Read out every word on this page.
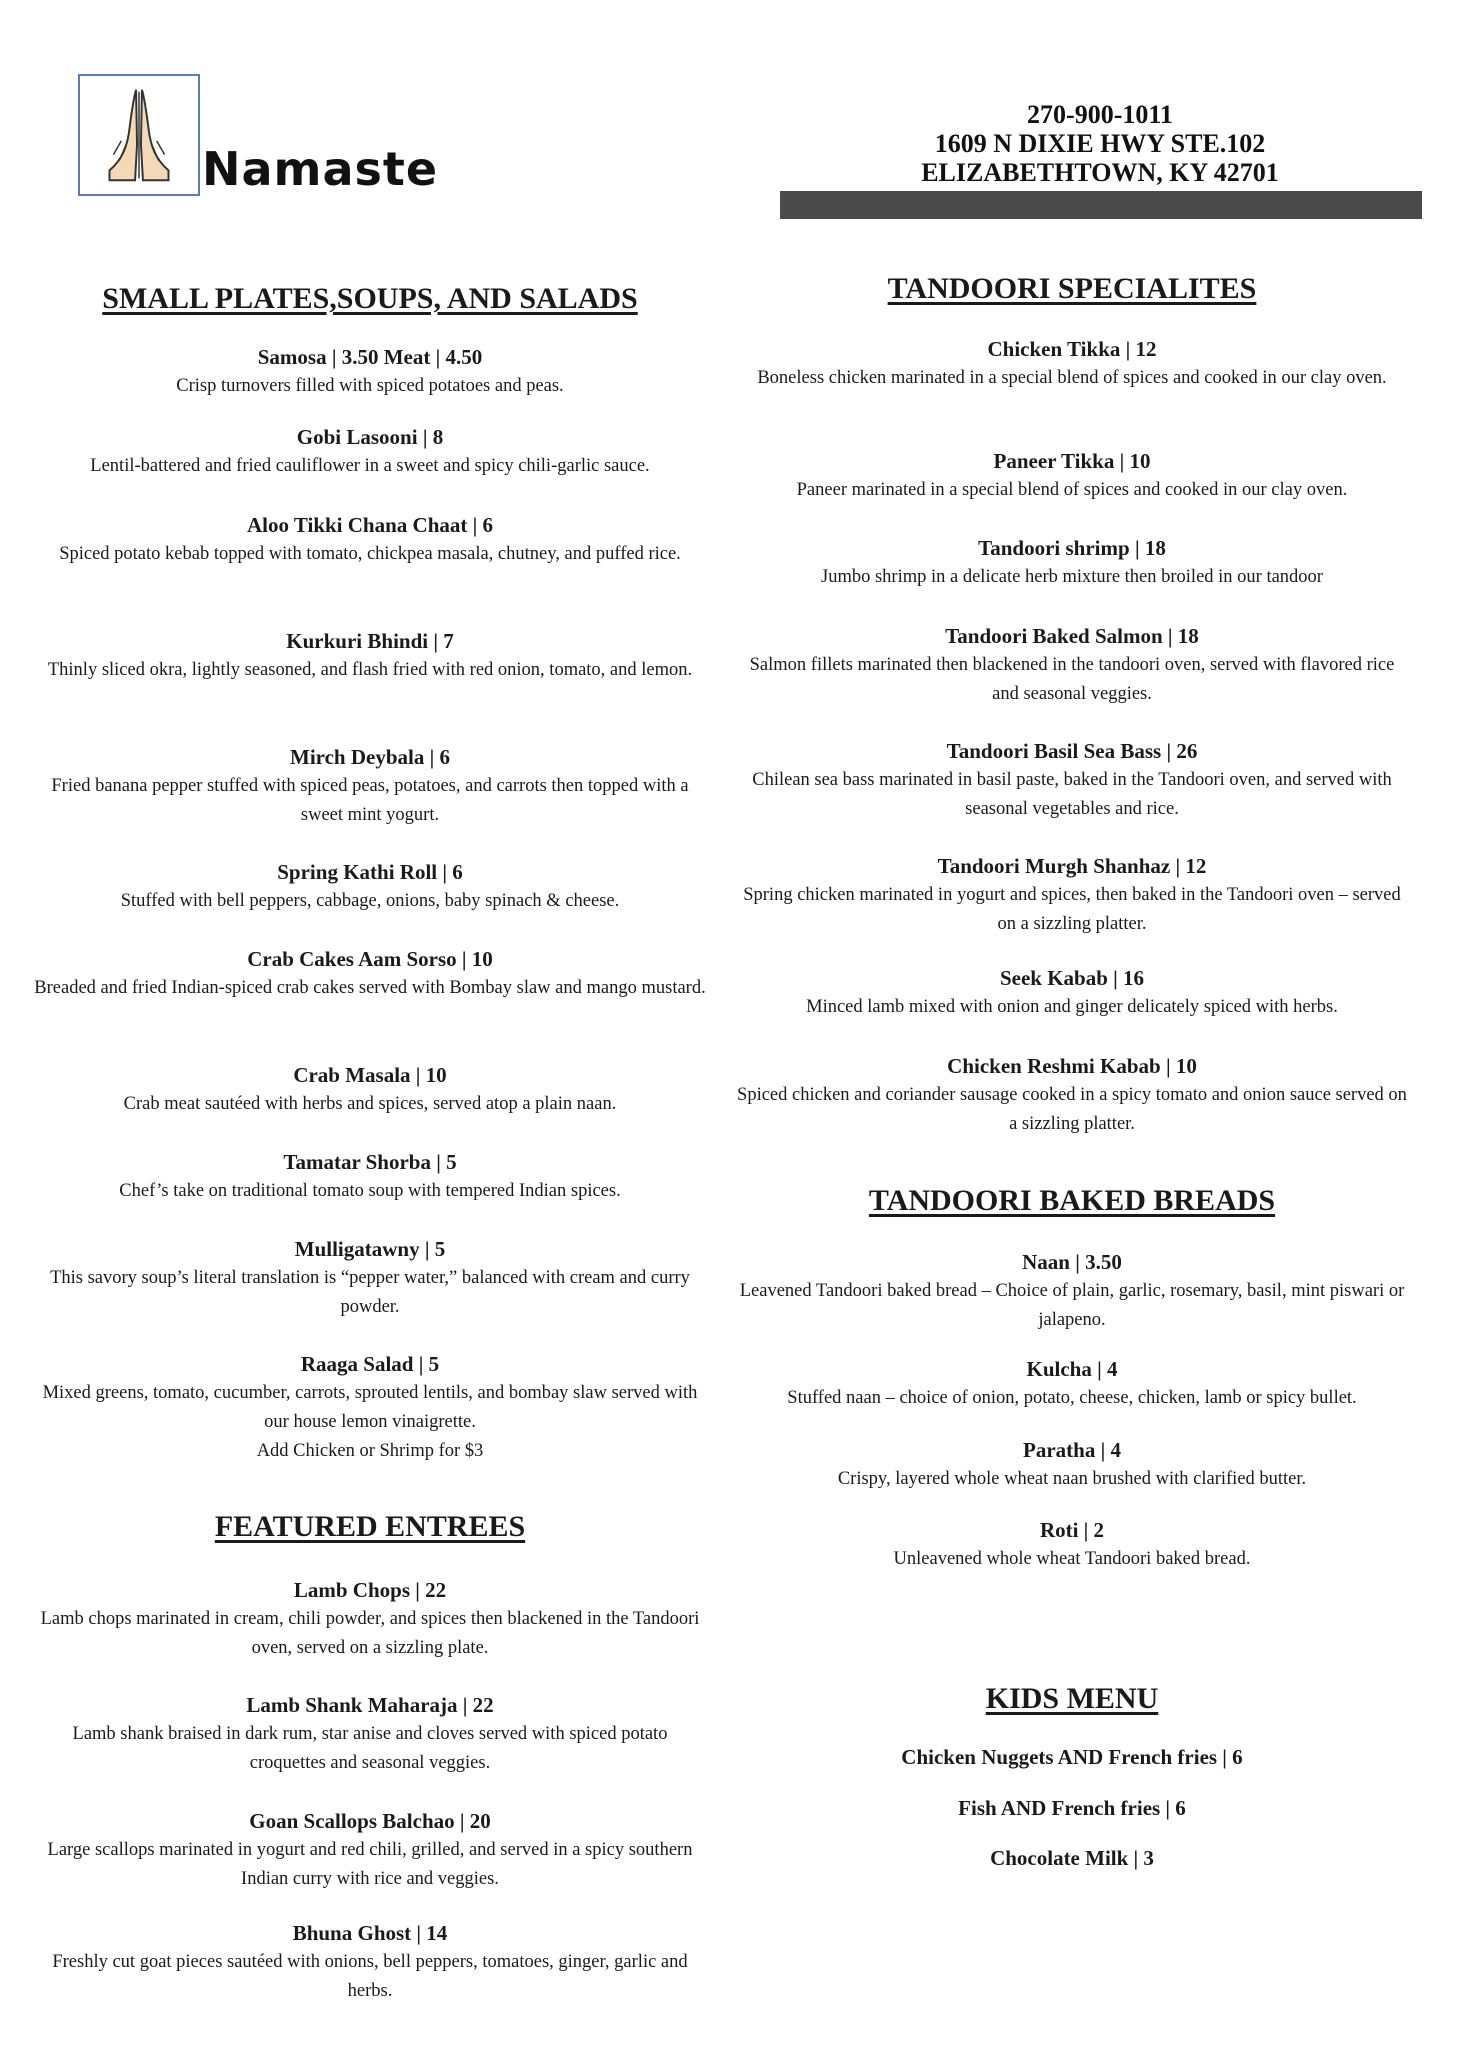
Namaste
270-900-1011
1609 N DIXIE HWY STE.102
ELIZABETHTOWN, KY 42701
SMALL PLATES,SOUPS, AND SALADS
Samosa | 3.50 Meat | 4.50
Crisp turnovers filled with spiced potatoes and peas.
Gobi Lasooni | 8
Lentil-battered and fried cauliflower in a sweet and spicy chili-garlic sauce.
Aloo Tikki Chana Chaat | 6
Spiced potato kebab topped with tomato, chickpea masala, chutney, and puffed rice.
Kurkuri Bhindi | 7
Thinly sliced okra, lightly seasoned, and flash fried with red onion, tomato, and lemon.
Mirch Deybala | 6
Fried banana pepper stuffed with spiced peas, potatoes, and carrots then topped with a sweet mint yogurt.
Spring Kathi Roll | 6
Stuffed with bell peppers, cabbage, onions, baby spinach & cheese.
Crab Cakes Aam Sorso | 10
Breaded and fried Indian-spiced crab cakes served with Bombay slaw and mango mustard.
Crab Masala | 10
Crab meat sautéed with herbs and spices, served atop a plain naan.
Tamatar Shorba | 5
Chef’s take on traditional tomato soup with tempered Indian spices.
Mulligatawny | 5
This savory soup’s literal translation is “pepper water,” balanced with cream and curry powder.
Raaga Salad | 5
Mixed greens, tomato, cucumber, carrots, sprouted lentils, and bombay slaw served with our house lemon vinaigrette.
Add Chicken or Shrimp for $3
FEATURED ENTREES
Lamb Chops | 22
Lamb chops marinated in cream, chili powder, and spices then blackened in the Tandoori oven, served on a sizzling plate.
Lamb Shank Maharaja | 22
Lamb shank braised in dark rum, star anise and cloves served with spiced potato croquettes and seasonal veggies.
Goan Scallops Balchao | 20
Large scallops marinated in yogurt and red chili, grilled, and served in a spicy southern Indian curry with rice and veggies.
Bhuna Ghost | 14
Freshly cut goat pieces sautéed with onions, bell peppers, tomatoes, ginger, garlic and herbs.
TANDOORI SPECIALITES
Chicken Tikka | 12
Boneless chicken marinated in a special blend of spices and cooked in our clay oven.
Paneer Tikka | 10
Paneer marinated in a special blend of spices and cooked in our clay oven.
Tandoori shrimp | 18
Jumbo shrimp in a delicate herb mixture then broiled in our tandoor
Tandoori Baked Salmon | 18
Salmon fillets marinated then blackened in the tandoori oven, served with flavored rice and seasonal veggies.
Tandoori Basil Sea Bass | 26
Chilean sea bass marinated in basil paste, baked in the Tandoori oven, and served with seasonal vegetables and rice.
Tandoori Murgh Shanhaz | 12
Spring chicken marinated in yogurt and spices, then baked in the Tandoori oven – served on a sizzling platter.
Seek Kabab | 16
Minced lamb mixed with onion and ginger delicately spiced with herbs.
Chicken Reshmi Kabab | 10
Spiced chicken and coriander sausage cooked in a spicy tomato and onion sauce served on a sizzling platter.
TANDOORI BAKED BREADS
Naan | 3.50
Leavened Tandoori baked bread – Choice of plain, garlic, rosemary, basil, mint piswari or jalapeno.
Kulcha | 4
Stuffed naan – choice of onion, potato, cheese, chicken, lamb or spicy bullet.
Paratha | 4
Crispy, layered whole wheat naan brushed with clarified butter.
Roti | 2
Unleavened whole wheat Tandoori baked bread.
KIDS MENU
Chicken Nuggets AND French fries | 6
Fish AND French fries | 6
Chocolate Milk | 3
